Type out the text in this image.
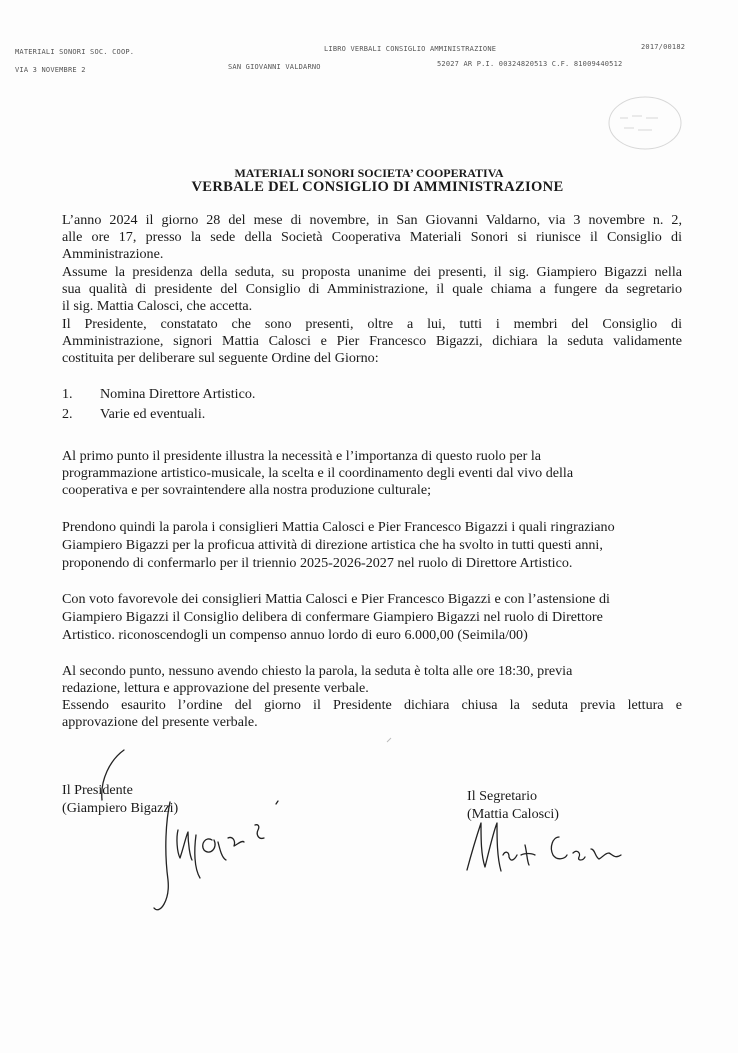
MATERIALI SONORI SOC. COOP.
VIA 3 NOVEMBRE 2
LIBRO VERBALI CONSIGLIO AMMINISTRAZIONE
SAN GIOVANNI VALDARNO
2017/00182
52027 AR P.I. 00324820513 C.F. 81009440512
MATERIALI SONORI SOCIETA’ COOPERATIVA
VERBALE DEL CONSIGLIO DI AMMINISTRAZIONE
L’anno 2024 il giorno 28 del mese di novembre, in San Giovanni Valdarno, via 3 novembre n. 2,
alle ore 17, presso la sede della Società Cooperativa Materiali Sonori si riunisce il Consiglio di
Amministrazione.
Assume la presidenza della seduta, su proposta unanime dei presenti, il sig. Giampiero Bigazzi nella
sua qualità di presidente del Consiglio di Amministrazione, il quale chiama a fungere da segretario
il sig. Mattia Calosci, che accetta.
Il Presidente, constatato che sono presenti, oltre a lui, tutti i membri del Consiglio di
Amministrazione, signori Mattia Calosci e Pier Francesco Bigazzi, dichiara la seduta validamente
costituita per deliberare sul seguente Ordine del Giorno:
1. Nomina Direttore Artistico.
2. Varie ed eventuali.
Al primo punto il presidente illustra la necessità e l’importanza di questo ruolo per la
programmazione artistico-musicale, la scelta e il coordinamento degli eventi dal vivo della
cooperativa e per sovraintendere alla nostra produzione culturale;
Prendono quindi la parola i consiglieri Mattia Calosci e Pier Francesco Bigazzi i quali ringraziano
Giampiero Bigazzi per la proficua attività di direzione artistica che ha svolto in tutti questi anni,
proponendo di confermarlo per il triennio 2025-2026-2027 nel ruolo di Direttore Artistico.
Con voto favorevole dei consiglieri Mattia Calosci e Pier Francesco Bigazzi e con l’astensione di
Giampiero Bigazzi il Consiglio delibera di confermare Giampiero Bigazzi nel ruolo di Direttore
Artistico. riconoscendogli un compenso annuo lordo di euro 6.000,00 (Seimila/00)
Al secondo punto, nessuno avendo chiesto la parola, la seduta è tolta alle ore 18:30, previa
redazione, lettura e approvazione del presente verbale.
Essendo esaurito l’ordine del giorno il Presidente dichiara chiusa la seduta previa lettura e
approvazione del presente verbale.
Il Presidente
(Giampiero Bigazzi)
Il Segretario
(Mattia Calosci)
